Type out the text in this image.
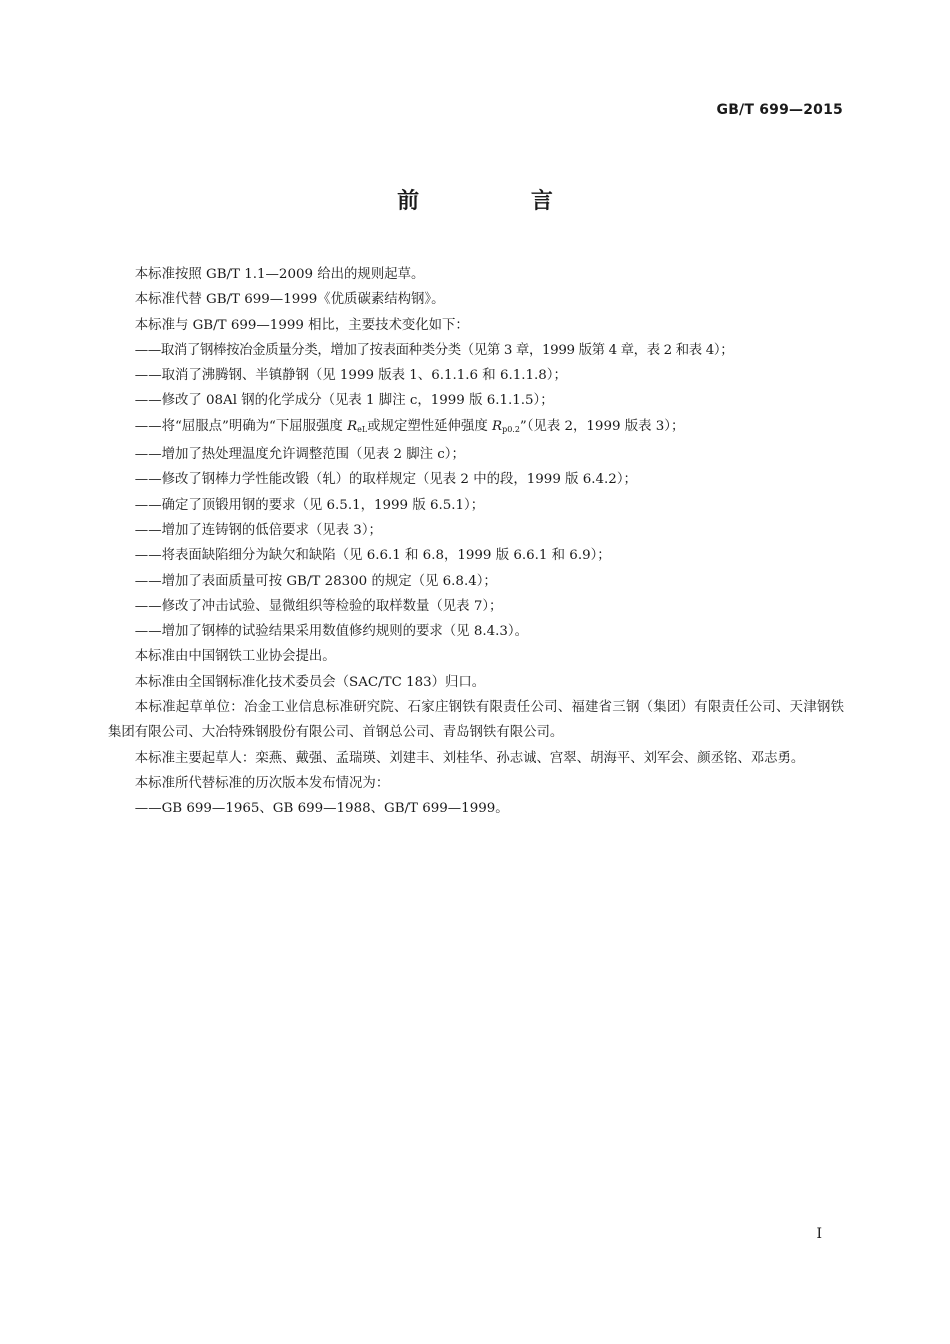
GB/T 699—2015
前 言

本标准按照 GB/T 1.1—2009 给出的规则起草。

本标准代替 GB/T 699—1999《优质碳素结构钢》。

本标准与 GB/T 699—1999 相比，主要技术变化如下：

——取消了钢棒按冶金质量分类，增加了按表面种类分类（见第 3 章，1999 版第 4 章，表 2 和表 4）；

——取消了沸腾钢、半镇静钢（见 1999 版表 1、6.1.1.6 和 6.1.1.8）；

——修改了 08Al 钢的化学成分（见表 1 脚注 c，1999 版 6.1.1.5）；

——将“屈服点”明确为“下屈服强度 $R_{eL}$或规定塑性延伸强度 $R_{p0.2}$”（见表 2，1999 版表 3）；

——增加了热处理温度允许调整范围（见表 2 脚注 c）；

——修改了钢棒力学性能改锻（轧）的取样规定（见表 2 中的段，1999 版 6.4.2）；

——确定了顶锻用钢的要求（见 6.5.1，1999 版 6.5.1）；

——增加了连铸钢的低倍要求（见表 3）；

——将表面缺陷细分为缺欠和缺陷（见 6.6.1 和 6.8，1999 版 6.6.1 和 6.9）；

——增加了表面质量可按 GB/T 28300 的规定（见 6.8.4）；

——修改了冲击试验、显微组织等检验的取样数量（见表 7）；

——增加了钢棒的试验结果采用数值修约规则的要求（见 8.4.3）。

本标准由中国钢铁工业协会提出。

本标准由全国钢标准化技术委员会（SAC/TC 183）归口。

本标准起草单位：冶金工业信息标准研究院、石家庄钢铁有限责任公司、福建省三钢（集团）有限责任公司、天津钢铁集团有限公司、大冶特殊钢股份有限公司、首钢总公司、青岛钢铁有限公司。

本标准主要起草人：栾燕、戴强、孟瑞瑛、刘建丰、刘桂华、孙志诚、宫翠、胡海平、刘军会、颜丞铭、邓志勇。

本标准所代替标准的历次版本发布情况为：

——GB 699—1965、GB 699—1988、GB/T 699—1999。

I
